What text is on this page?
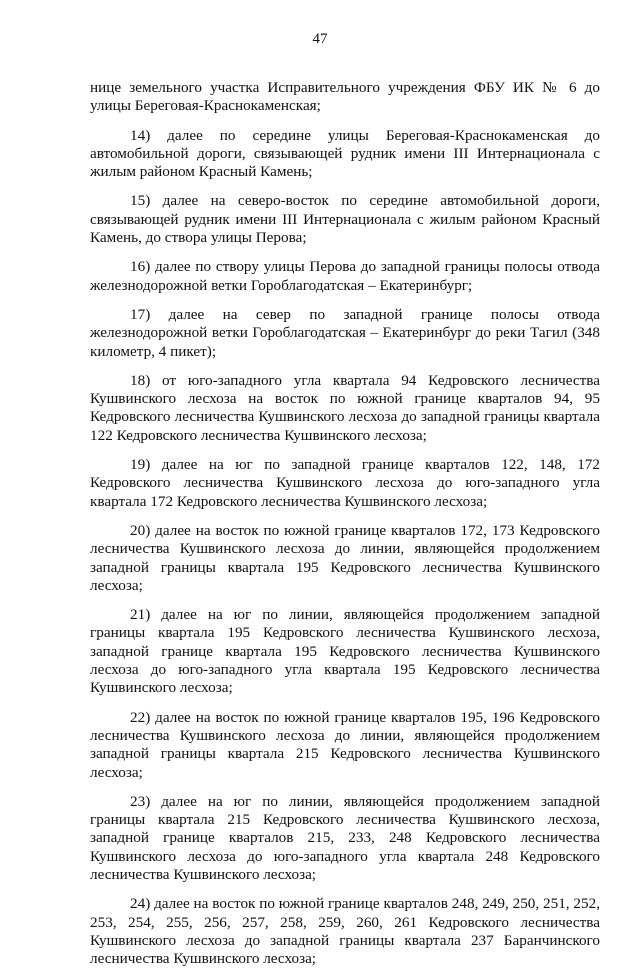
47

нице земельного участка Исправительного учреждения ФБУ ИК № 6 до улицы Береговая-Краснокаменская;

14) далее по середине улицы Береговая-Краснокаменская до автомобильной дороги, связывающей рудник имени III Интернационала с жилым районом Красный Камень;

15) далее на северо-восток по середине автомобильной дороги, связывающей рудник имени III Интернационала с жилым районом Красный Камень, до створа улицы Перова;

16) далее по створу улицы Перова до западной границы полосы отвода железнодорожной ветки Гороблагодатская – Екатеринбург;

17) далее на север по западной границе полосы отвода железнодорожной ветки Гороблагодатская – Екатеринбург до реки Тагил (348 километр, 4 пикет);

18) от юго-западного угла квартала 94 Кедровского лесничества Кушвинского лесхоза на восток по южной границе кварталов 94, 95 Кедровского лесничества Кушвинского лесхоза до западной границы квартала 122 Кедровского лесничества Кушвинского лесхоза;

19) далее на юг по западной границе кварталов 122, 148, 172 Кедровского лесничества Кушвинского лесхоза до юго-западного угла квартала 172 Кедровского лесничества Кушвинского лесхоза;

20) далее на восток по южной границе кварталов 172, 173 Кедровского лесничества Кушвинского лесхоза до линии, являющейся продолжением западной границы квартала 195 Кедровского лесничества Кушвинского лесхоза;

21) далее на юг по линии, являющейся продолжением западной границы квартала 195 Кедровского лесничества Кушвинского лесхоза, западной границе квартала 195 Кедровского лесничества Кушвинского лесхоза до юго-западного угла квартала 195 Кедровского лесничества Кушвинского лесхоза;

22) далее на восток по южной границе кварталов 195, 196 Кедровского лесничества Кушвинского лесхоза до линии, являющейся продолжением западной границы квартала 215 Кедровского лесничества Кушвинского лесхоза;

23) далее на юг по линии, являющейся продолжением западной границы квартала 215 Кедровского лесничества Кушвинского лесхоза, западной границе кварталов 215, 233, 248 Кедровского лесничества Кушвинского лесхоза до юго-западного угла квартала 248 Кедровского лесничества Кушвинского лесхоза;

24) далее на восток по южной границе кварталов 248, 249, 250, 251, 252, 253, 254, 255, 256, 257, 258, 259, 260, 261 Кедровского лесничества Кушвинского лесхоза до западной границы квартала 237 Баранчинского лесничества Кушвинского лесхоза;
